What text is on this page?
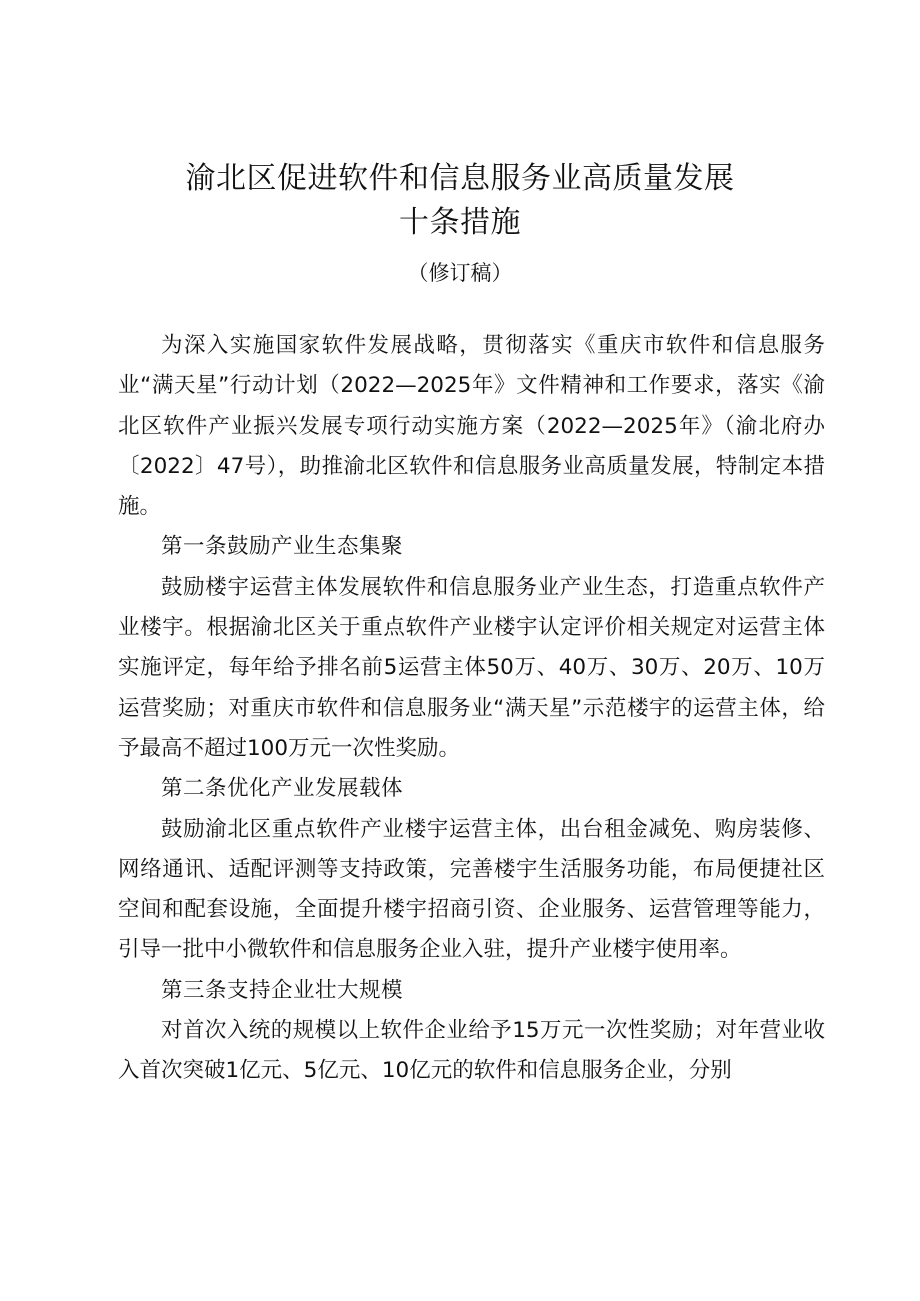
渝北区促进软件和信息服务业高质量发展
十条措施
（修订稿）

为深入实施国家软件发展战略，贯彻落实《重庆市软件和信息服务业“满天星”行动计划（2022—2025年》文件精神和工作要求，落实《渝北区软件产业振兴发展专项行动实施方案（2022—2025年》（渝北府办〔2022〕47号），助推渝北区软件和信息服务业高质量发展，特制定本措施。

第一条鼓励产业生态集聚

鼓励楼宇运营主体发展软件和信息服务业产业生态，打造重点软件产业楼宇。根据渝北区关于重点软件产业楼宇认定评价相关规定对运营主体实施评定，每年给予排名前5运营主体50万、40万、30万、20万、10万运营奖励；对重庆市软件和信息服务业“满天星”示范楼宇的运营主体，给予最高不超过100万元一次性奖励。

第二条优化产业发展载体

鼓励渝北区重点软件产业楼宇运营主体，出台租金减免、购房装修、网络通讯、适配评测等支持政策，完善楼宇生活服务功能，布局便捷社区空间和配套设施，全面提升楼宇招商引资、企业服务、运营管理等能力，引导一批中小微软件和信息服务企业入驻，提升产业楼宇使用率。

第三条支持企业壮大规模

对首次入统的规模以上软件企业给予15万元一次性奖励；对年营业收入首次突破1亿元、5亿元、10亿元的软件和信息服务企业，分别
